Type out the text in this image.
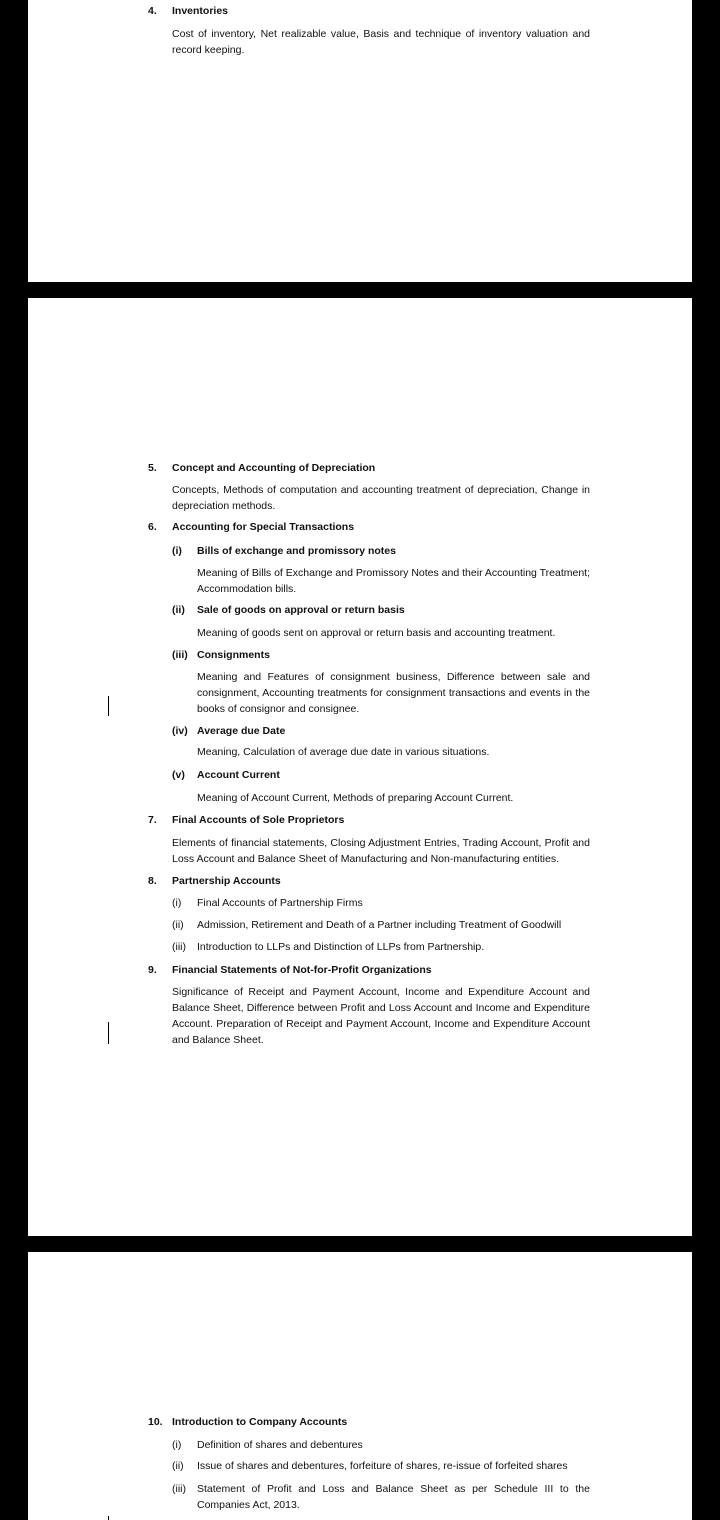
4. Inventories
Cost of inventory, Net realizable value, Basis and technique of inventory valuation and record keeping.
5. Concept and Accounting of Depreciation
Concepts, Methods of computation and accounting treatment of depreciation, Change in depreciation methods.
6. Accounting for Special Transactions
(i) Bills of exchange and promissory notes
Meaning of Bills of Exchange and Promissory Notes and their Accounting Treatment; Accommodation bills.
(ii) Sale of goods on approval or return basis
Meaning of goods sent on approval or return basis and accounting treatment.
(iii) Consignments
Meaning and Features of consignment business, Difference between sale and consignment, Accounting treatments for consignment transactions and events in the books of consignor and consignee.
(iv) Average due Date
Meaning, Calculation of average due date in various situations.
(v) Account Current
Meaning of Account Current, Methods of preparing Account Current.
7. Final Accounts of Sole Proprietors
Elements of financial statements, Closing Adjustment Entries, Trading Account, Profit and Loss Account and Balance Sheet of Manufacturing and Non-manufacturing entities.
8. Partnership Accounts
(i) Final Accounts of Partnership Firms
(ii) Admission, Retirement and Death of a Partner including Treatment of Goodwill
(iii) Introduction to LLPs and Distinction of LLPs from Partnership.
9. Financial Statements of Not-for-Profit Organizations
Significance of Receipt and Payment Account, Income and Expenditure Account and Balance Sheet, Difference between Profit and Loss Account and Income and Expenditure Account. Preparation of Receipt and Payment Account, Income and Expenditure Account and Balance Sheet.
10. Introduction to Company Accounts
(i) Definition of shares and debentures
(ii) Issue of shares and debentures, forfeiture of shares, re-issue of forfeited shares
(iii) Statement of Profit and Loss and Balance Sheet as per Schedule III to the Companies Act, 2013.
